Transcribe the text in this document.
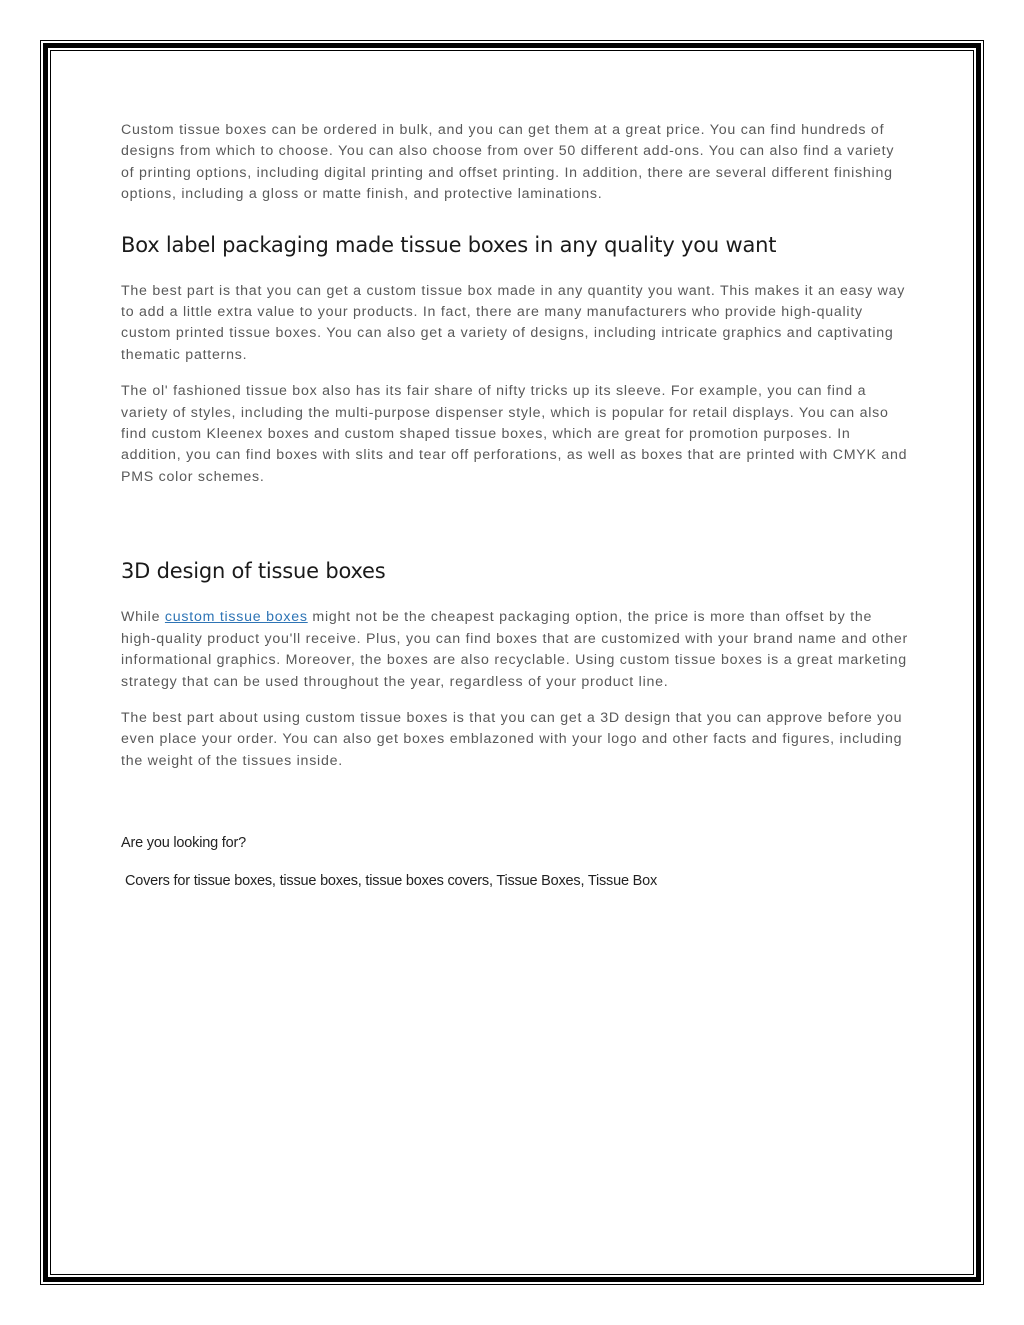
Custom tissue boxes can be ordered in bulk, and you can get them at a great price. You can find hundreds of designs from which to choose. You can also choose from over 50 different add-ons. You can also find a variety of printing options, including digital printing and offset printing. In addition, there are several different finishing options, including a gloss or matte finish, and protective laminations.

Box label packaging made tissue boxes in any quality you want

The best part is that you can get a custom tissue box made in any quantity you want. This makes it an easy way to add a little extra value to your products. In fact, there are many manufacturers who provide high-quality custom printed tissue boxes. You can also get a variety of designs, including intricate graphics and captivating thematic patterns.

The ol' fashioned tissue box also has its fair share of nifty tricks up its sleeve. For example, you can find a variety of styles, including the multi-purpose dispenser style, which is popular for retail displays. You can also find custom Kleenex boxes and custom shaped tissue boxes, which are great for promotion purposes. In addition, you can find boxes with slits and tear off perforations, as well as boxes that are printed with CMYK and PMS color schemes.

3D design of tissue boxes

While custom tissue boxes might not be the cheapest packaging option, the price is more than offset by the high-quality product you'll receive. Plus, you can find boxes that are customized with your brand name and other informational graphics. Moreover, the boxes are also recyclable. Using custom tissue boxes is a great marketing strategy that can be used throughout the year, regardless of your product line.

The best part about using custom tissue boxes is that you can get a 3D design that you can approve before you even place your order. You can also get boxes emblazoned with your logo and other facts and figures, including the weight of the tissues inside.

Are you looking for?

Covers for tissue boxes, tissue boxes, tissue boxes covers, Tissue Boxes, Tissue Box
